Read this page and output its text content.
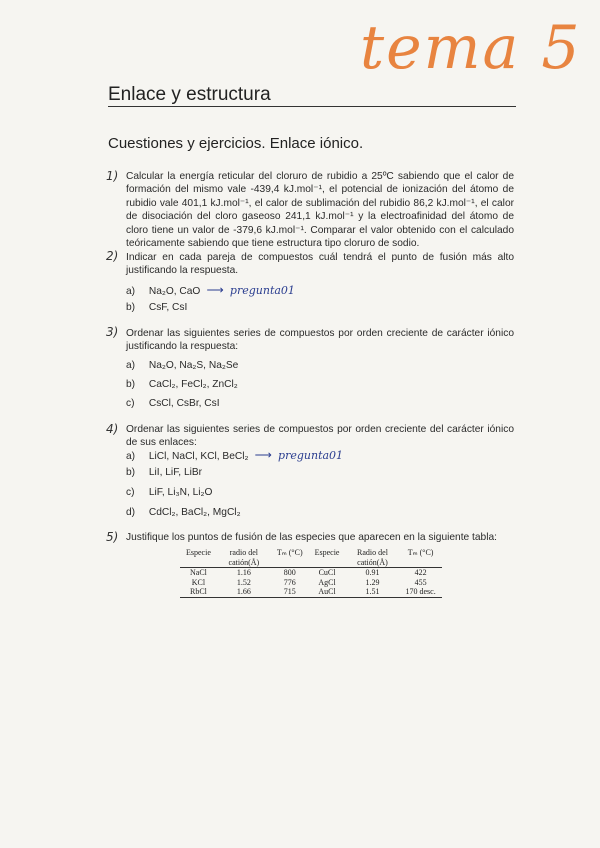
tema 5
Enlace y estructura
Cuestiones y ejercicios. Enlace iónico.
1) Calcular la energía reticular del cloruro de rubidio a 25ºC sabiendo que el calor de formación del mismo vale -439,4 kJ.mol⁻¹, el potencial de ionización del átomo de rubidio vale 401,1 kJ.mol⁻¹, el calor de sublimación del rubidio 86,2 kJ.mol⁻¹, el calor de disociación del cloro gaseoso 241,1 kJ.mol⁻¹ y la electroafinidad del átomo de cloro tiene un valor de -379,6 kJ.mol⁻¹. Comparar el valor obtenido con el calculado teóricamente sabiendo que tiene estructura tipo cloruro de sodio.
2) Indicar en cada pareja de compuestos cuál tendrá el punto de fusión más alto justificando la respuesta.
a) Na₂O, CaO  ⟶  pregunta01
b) CsF, CsI
3) Ordenar las siguientes series de compuestos por orden creciente de carácter iónico justificando la respuesta:
a) Na₂O, Na₂S, Na₂Se
b) CaCl₂, FeCl₂, ZnCl₂
c) CsCl, CsBr, CsI
4) Ordenar las siguientes series de compuestos por orden creciente del carácter iónico de sus enlaces:
a) LiCl, NaCl, KCl, BeCl₂  ⟶  pregunta01
b) LiI, LiF, LiBr
c) LiF, Li₃N, Li₂O
d) CdCl₂, BaCl₂, MgCl₂
5) Justifique los puntos de fusión de las especies que aparecen en la siguiente tabla:
Especie	radio del catión(Å)	Tₘ (°C)	Especie	Radio del catión(Å)	Tₘ (°C)
NaCl	1.16	800	CuCl	0.91	422
KCl	1.52	776	AgCl	1.29	455
RbCl	1.66	715	AuCl	1.51	170 desc.
